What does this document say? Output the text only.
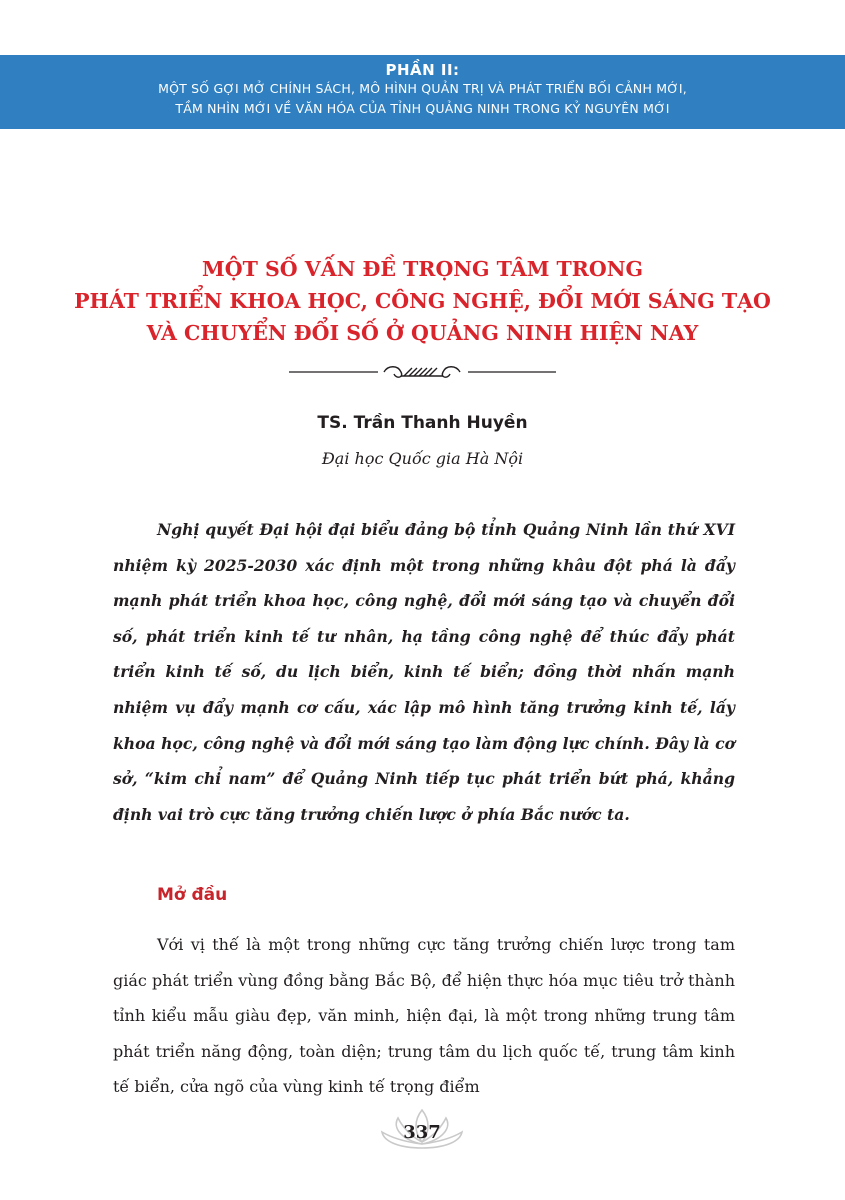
PHẦN II:
MỘT SỐ GỢI MỞ CHÍNH SÁCH, MÔ HÌNH QUẢN TRỊ VÀ PHÁT TRIỂN BỐI CẢNH MỚI,
TẦM NHÌN MỚI VỀ VĂN HÓA CỦA TỈNH QUẢNG NINH TRONG KỶ NGUYÊN MỚI
MỘT SỐ VẤN ĐỀ TRỌNG TÂM TRONG
PHÁT TRIỂN KHOA HỌC, CÔNG NGHỆ, ĐỔI MỚI SÁNG TẠO
VÀ CHUYỂN ĐỔI SỐ Ở QUẢNG NINH HIỆN NAY
TS. Trần Thanh Huyền
Đại học Quốc gia Hà Nội
Nghị quyết Đại hội đại biểu đảng bộ tỉnh Quảng Ninh lần thứ XVI nhiệm kỳ 2025-2030 xác định một trong những khâu đột phá là đẩy mạnh phát triển khoa học, công nghệ, đổi mới sáng tạo và chuyển đổi số, phát triển kinh tế tư nhân, hạ tầng công nghệ để thúc đẩy phát triển kinh tế số, du lịch biển, kinh tế biển; đồng thời nhấn mạnh nhiệm vụ đẩy mạnh cơ cấu, xác lập mô hình tăng trưởng kinh tế, lấy khoa học, công nghệ và đổi mới sáng tạo làm động lực chính. Đây là cơ sở, “kim chỉ nam” để Quảng Ninh tiếp tục phát triển bứt phá, khẳng định vai trò cực tăng trưởng chiến lược ở phía Bắc nước ta.
Mở đầu
Với vị thế là một trong những cực tăng trưởng chiến lược trong tam giác phát triển vùng đồng bằng Bắc Bộ, để hiện thực hóa mục tiêu trở thành tỉnh kiểu mẫu giàu đẹp, văn minh, hiện đại, là một trong những trung tâm phát triển năng động, toàn diện; trung tâm du lịch quốc tế, trung tâm kinh tế biển, cửa ngõ của vùng kinh tế trọng điểm
337
